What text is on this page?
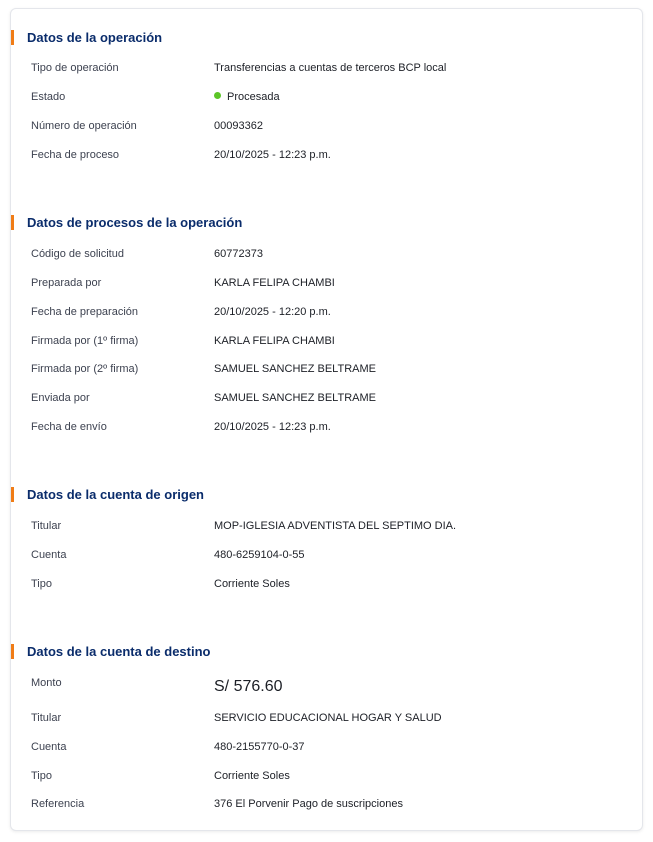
Datos de la operación
Tipo de operación	Transferencias a cuentas de terceros BCP local
Estado	Procesada
Número de operación	00093362
Fecha de proceso	20/10/2025 - 12:23 p.m.
Datos de procesos de la operación
Código de solicitud	60772373
Preparada por	KARLA FELIPA CHAMBI
Fecha de preparación	20/10/2025 - 12:20 p.m.
Firmada por (1º firma)	KARLA FELIPA CHAMBI
Firmada por (2º firma)	SAMUEL SANCHEZ BELTRAME
Enviada por	SAMUEL SANCHEZ BELTRAME
Fecha de envío	20/10/2025 - 12:23 p.m.
Datos de la cuenta de origen
Titular	MOP-IGLESIA ADVENTISTA DEL SEPTIMO DIA.
Cuenta	480-6259104-0-55
Tipo	Corriente Soles
Datos de la cuenta de destino
Monto	S/ 576.60
Titular	SERVICIO EDUCACIONAL HOGAR Y SALUD
Cuenta	480-2155770-0-37
Tipo	Corriente Soles
Referencia	376 El Porvenir Pago de suscripciones
